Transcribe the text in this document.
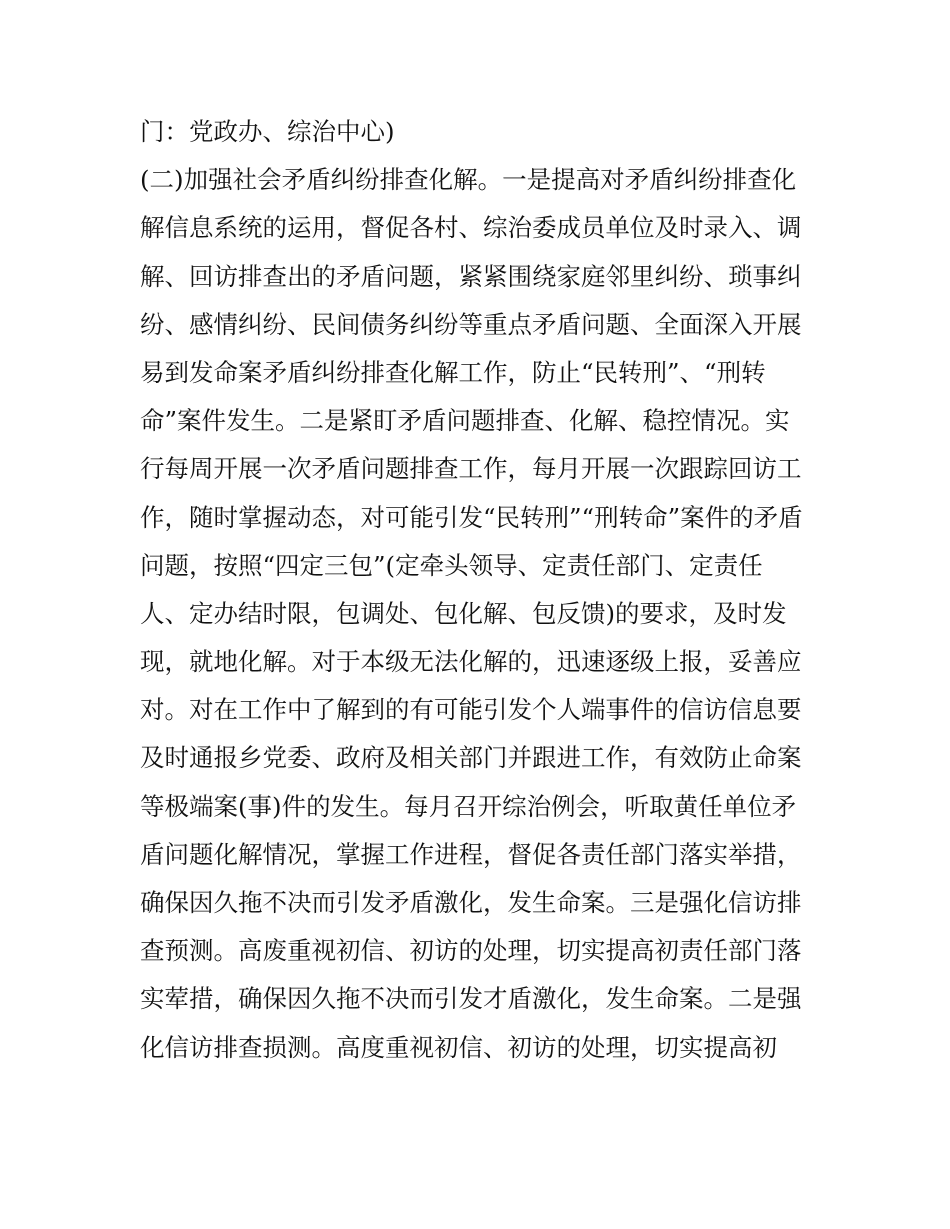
门：党政办、综治中心)
(二)加强社会矛盾纠纷排查化解。一是提高对矛盾纠纷排查化
解信息系统的运用，督促各村、综治委成员单位及时录入、调
解、回访排查出的矛盾问题，紧紧围绕家庭邻里纠纷、琐事纠
纷、感情纠纷、民间债务纠纷等重点矛盾问题、全面深入开展
易到发命案矛盾纠纷排查化解工作，防止“民转刑”、“刑转
命”案件发生。二是紧盯矛盾问题排查、化解、稳控情况。实
行每周开展一次矛盾问题排查工作，每月开展一次跟踪回访工
作，随时掌握动态，对可能引发“民转刑”“刑转命”案件的矛盾
问题，按照“四定三包”(定牵头领导、定责任部门、定责任
人、定办结时限，包调处、包化解、包反馈)的要求，及时发
现，就地化解。对于本级无法化解的，迅速逐级上报，妥善应
对。对在工作中了解到的有可能引发个人端事件的信访信息要
及时通报乡党委、政府及相关部门并跟进工作，有效防止命案
等极端案(事)件的发生。每月召开综治例会，听取黄任单位矛
盾问题化解情况，掌握工作进程，督促各责任部门落实举措，
确保因久拖不决而引发矛盾激化，发生命案。三是强化信访排
查预测。高废重视初信、初访的处理，切实提高初责任部门落
实荤措，确保因久拖不决而引发才盾激化，发生命案。二是强
化信访排查损测。高度重视初信、初访的处理，切实提高初
